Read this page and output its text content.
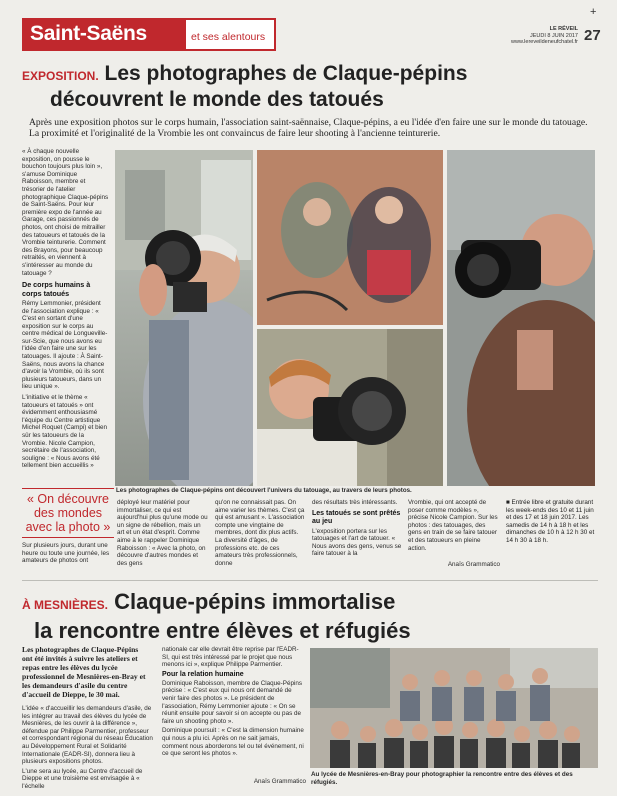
Saint-Saëns	et ses alentours
LE RÉVEIL
JEUDI 8 JUIN 2017
www.lereveildeneufchatel.fr 27
+
EXPOSITION. Les photographes de Claque-pépins
découvrent le monde des tatoués
Après une exposition photos sur le corps humain, l'association saint-saënnaise, Claque-pépins, a eu l'idée d'en faire une sur le monde du tatouage. La proximité et l'originalité de la Vrombie les ont convaincus de faire leur shooting à l'ancienne teinturerie.

« À chaque nouvelle exposition, on pousse le bouchon toujours plus loin », s'amuse Dominique Raboisson, membre et trésorier de l'atelier photographique Claque-pépins de Saint-Saëns. Pour leur première expo de l'année au Garage, ces passionnés de photos, ont choisi de mitrailler des tatoueurs et tatoués de la Vrombie teinturerie. Comment des Brayons, pour beaucoup retraités, en viennent à s'intéresser au monde du tatouage ?

De corps humains à corps tatoués

Rémy Lemmonier, président de l'association explique : « C'est en sortant d'une exposition sur le corps au centre médical de Longueville-sur-Scie, que nous avons eu l'idée d'en faire une sur les tatouages. Il ajoute : À Saint-Saëns, nous avons la chance d'avoir la Vrombie, où ils sont plusieurs tatoueurs, dans un lieu unique ».

L'initiative et le thème « tatoueurs et tatoués » ont évidemment enthousiasmé l'équipe du Centre artistique Michel Roquet (Campi) et bien sûr les tatoueurs de la Vrombie. Nicole Campion, secrétaire de l'association, souligne : « Nous avons été tellement bien accueillis »

Les photographes de Claque-pépins ont découvert l'univers du tatouage, au travers de leurs photos.
« On découvre des mondes avec la photo »
Sur plusieurs jours, durant une heure ou toute une journée, les amateurs de photos ont
déployé leur matériel pour immortaliser, ce qui est aujourd'hui plus qu'une mode ou un signe de rébellion, mais un art et un état d'esprit. Comme aime à le rappeler Dominique Raboisson : « Avec la photo, on découvre d'autres mondes et des gens
qu'on ne connaissait pas. On aime varier les thèmes. C'est ça qui est amusant ». L'association compte une vingtaine de membres, dont dix plus actifs. La diversité d'âges, de professions etc. de ces amateurs très professionnels, donne

des résultats très intéressants.

Les tatoués se sont prêtés au jeu

L'exposition portera sur les tatouages et l'art de tatouer. « Nous avons des gens, venus se faire tatouer à la

Vrombie, qui ont accepté de poser comme modèles », précise Nicole Campion. Sur les photos : des tatouages, des gens en train de se faire tatouer et des tatoueurs en pleine action.
Anaïs Grammatico
■ Entrée libre et gratuite durant les week-ends des 10 et 11 juin et des 17 et 18 juin 2017. Les samedis de 14 h à 18 h et les dimanches de 10 h à 12 h 30 et 14 h 30 à 18 h.
À MESNIÈRES. Claque-pépins immortalise
la rencontre entre élèves et réfugiés
Les photographes de Claque-Pépins ont été invités à suivre les ateliers et repas entre les élèves du lycée professionnel de Mesnières-en-Bray et les demandeurs d'asile du centre d'accueil de Dieppe, le 30 mai.

L'idée « d'accueillir les demandeurs d'asile, de les intégrer au travail des élèves du lycée de Mesnières, de les ouvrir à la différence », défendue par Philippe Parmentier, professeur et correspondant régional du réseau Éducation au Développement Rural et Solidarité Internationale (EADR-SI), donnera lieu à plusieurs expositions photos.

L'une sera au lycée, au Centre d'accueil de Dieppe et une troisième est envisagée à « l'échelle

nationale car elle devrait être reprise par l'EADR-SI, qui est très intéressé par le projet que nous menons ici », explique Philippe Parmentier.

Pour la relation humaine

Dominique Raboisson, membre de Claque-Pépins précise : « C'est eux qui nous ont demandé de venir faire des photos ». Le président de l'association, Rémy Lemmonier ajoute : « On se réunit ensuite pour savoir si on accepte ou pas de faire un shooting photo ».

Dominique poursuit : « C'est la dimension humaine qui nous a plu ici. Après on ne sait jamais, comment nous aborderons tel ou tel événement, ni ce que seront les photos ».

Anaïs Grammatico
Au lycée de Mesnières-en-Bray pour photographier la rencontre entre des élèves et des réfugiés.
